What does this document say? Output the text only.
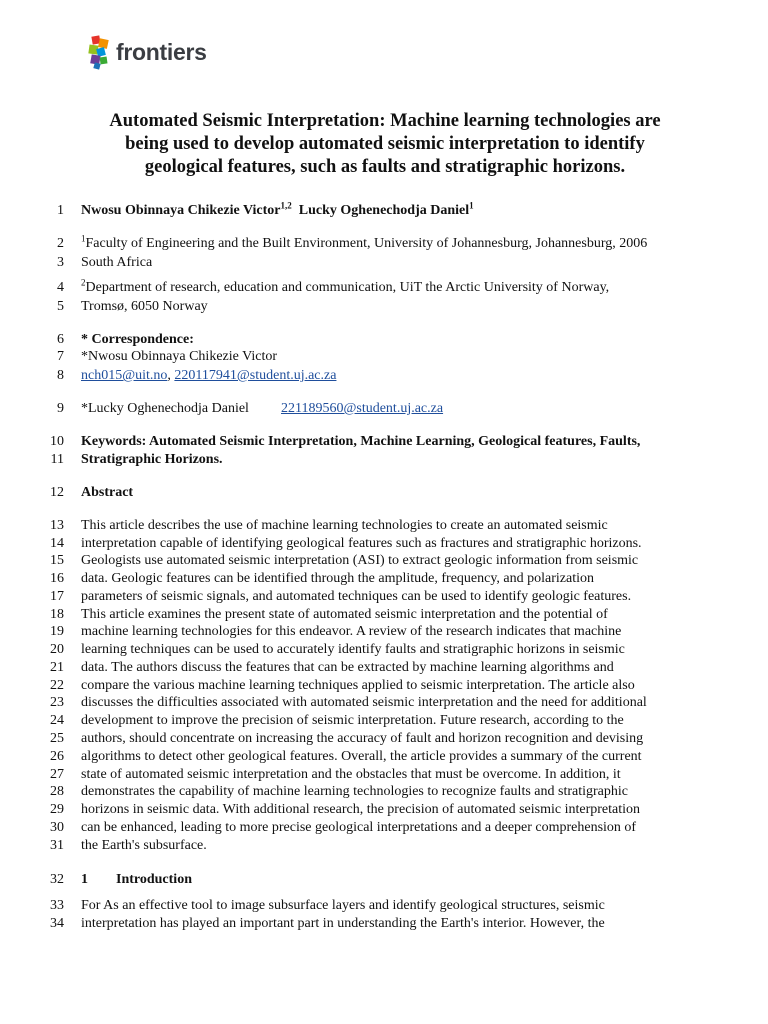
frontiers
Automated Seismic Interpretation: Machine learning technologies are
being used to develop automated seismic interpretation to identify
geological features, such as faults and stratigraphic horizons.
1
2
3
4
5
6
7
8
9
10
11
12
13
14
15
16
17
18
19
20
21
22
23
24
25
26
27
28
29
30
31
32
33
34
Nwosu Obinnaya Chikezie Victor$^{1,2}$ Lucky Oghenechodja Daniel$^1$
$^1$Faculty of Engineering and the Built Environment, University of Johannesburg, Johannesburg, 2006
South Africa
$^2$Department of research, education and communication, UiT the Arctic University of Norway,
Tromsø, 6050 Norway
* Correspondence:
*Nwosu Obinnaya Chikezie Victor
nch015@uit.no, 220117941@student.uj.ac.za
*Lucky Oghenechodja Daniel 221189560@student.uj.ac.za
Keywords: Automated Seismic Interpretation, Machine Learning, Geological features, Faults,
Stratigraphic Horizons.
Abstract
This article describes the use of machine learning technologies to create an automated seismic
interpretation capable of identifying geological features such as fractures and stratigraphic horizons.
Geologists use automated seismic interpretation (ASI) to extract geologic information from seismic
data. Geologic features can be identified through the amplitude, frequency, and polarization
parameters of seismic signals, and automated techniques can be used to identify geologic features.
This article examines the present state of automated seismic interpretation and the potential of
machine learning technologies for this endeavor. A review of the research indicates that machine
learning techniques can be used to accurately identify faults and stratigraphic horizons in seismic
data. The authors discuss the features that can be extracted by machine learning algorithms and
compare the various machine learning techniques applied to seismic interpretation. The article also
discusses the difficulties associated with automated seismic interpretation and the need for additional
development to improve the precision of seismic interpretation. Future research, according to the
authors, should concentrate on increasing the accuracy of fault and horizon recognition and devising
algorithms to detect other geological features. Overall, the article provides a summary of the current
state of automated seismic interpretation and the obstacles that must be overcome. In addition, it
demonstrates the capability of machine learning technologies to recognize faults and stratigraphic
horizons in seismic data. With additional research, the precision of automated seismic interpretation
can be enhanced, leading to more precise geological interpretations and a deeper comprehension of
the Earth's subsurface.
1 Introduction
For As an effective tool to image subsurface layers and identify geological structures, seismic
interpretation has played an important part in understanding the Earth's interior. However, the
